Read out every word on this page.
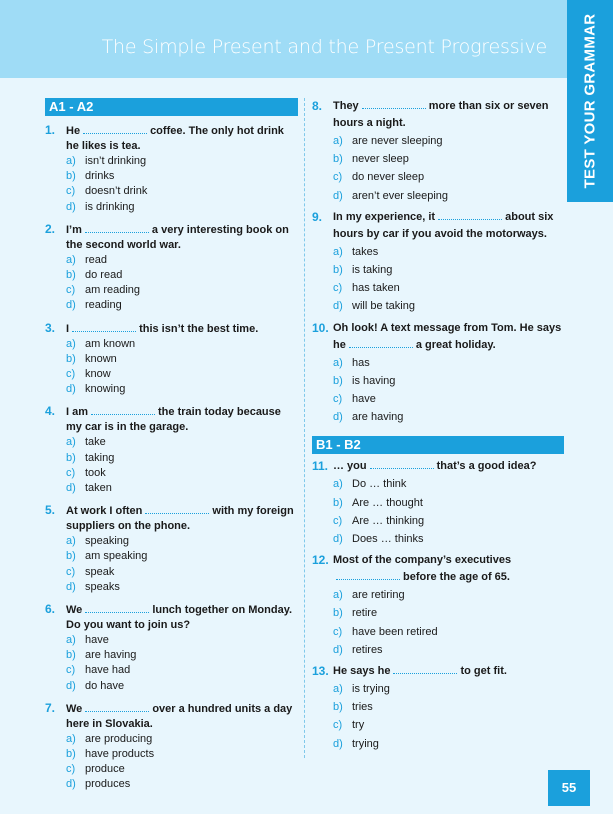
The Simple Present and the Present Progressive TEST YOUR GRAMMAR
A1 - A2
1. He	coffee. The only hot drink he likes is tea.
a) isn’t drinking
b) drinks
c) doesn’t drink
d) is drinking
2. I’m	a very interesting book on the second world war.
a) read
b) do read
c) am reading
d) reading
3. I	this isn’t the best time.
a) am known
b) known
c) know
d) knowing
4. I am	the train today because my car is in the garage.
a) take
b) taking
c) took
d) taken
5. At work I often	with my foreign suppliers on the phone.
a) speaking
b) am speaking
c) speak
d) speaks
6. We	lunch together on Monday. Do you want to join us?
a) have
b) are having
c) have had
d) do have
7. We	over a hundred units a day here in Slovakia.
a) are producing
b) have products
c) produce
d) produces
8. They	more than six or seven hours a night.
a) are never sleeping
b) never sleep
c) do never sleep
d) aren’t ever sleeping
9. In my experience, it	about six hours by car if you avoid the motorways.
a) takes
b) is taking
c) has taken
d) will be taking
10. Oh look! A text message from Tom. He says he	a great holiday.
a) has
b) is having
c) have
d) are having
B1 - B2
11. … you	that’s a good idea?
a) Do … think
b) Are … thought
c) Are … thinking
d) Does … thinks
12. Most of the company’s executivesbefore the age of 65.
a) are retiring
b) retire
c) have been retired
d) retires
13. He says he	to get fit.
a) is trying
b) tries
c) try
d) trying
55
